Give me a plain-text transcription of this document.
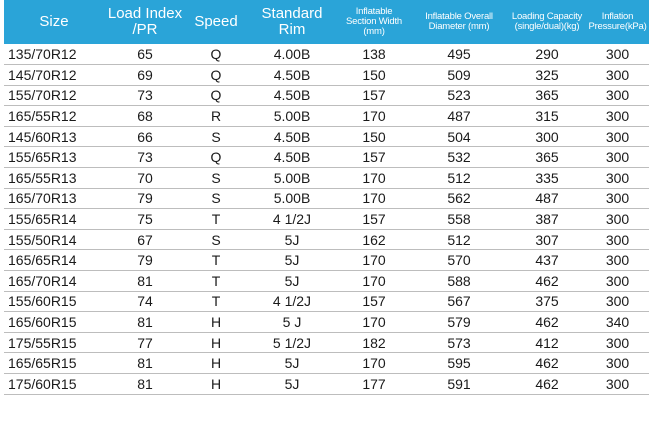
Size	Load Index /PR	Speed	Standard Rim	Inflatable Section Width (mm)	Inflatable Overall Diameter (mm)	Loading Capacity (single/dual)(kg)	Inflation Pressure(kPa)
135/70R12	65	Q	4.00B	138	495	290	300
145/70R12	69	Q	4.50B	150	509	325	300
155/70R12	73	Q	4.50B	157	523	365	300
165/55R12	68	R	5.00B	170	487	315	300
145/60R13	66	S	4.50B	150	504	300	300
155/65R13	73	Q	4.50B	157	532	365	300
165/55R13	70	S	5.00B	170	512	335	300
165/70R13	79	S	5.00B	170	562	487	300
155/65R14	75	T	4 1/2J	157	558	387	300
155/50R14	67	S	5J	162	512	307	300
165/65R14	79	T	5J	170	570	437	300
165/70R14	81	T	5J	170	588	462	300
155/60R15	74	T	4 1/2J	157	567	375	300
165/60R15	81	H	5 J	170	579	462	340
175/55R15	77	H	5 1/2J	182	573	412	300
165/65R15	81	H	5J	170	595	462	300
175/60R15	81	H	5J	177	591	462	300
